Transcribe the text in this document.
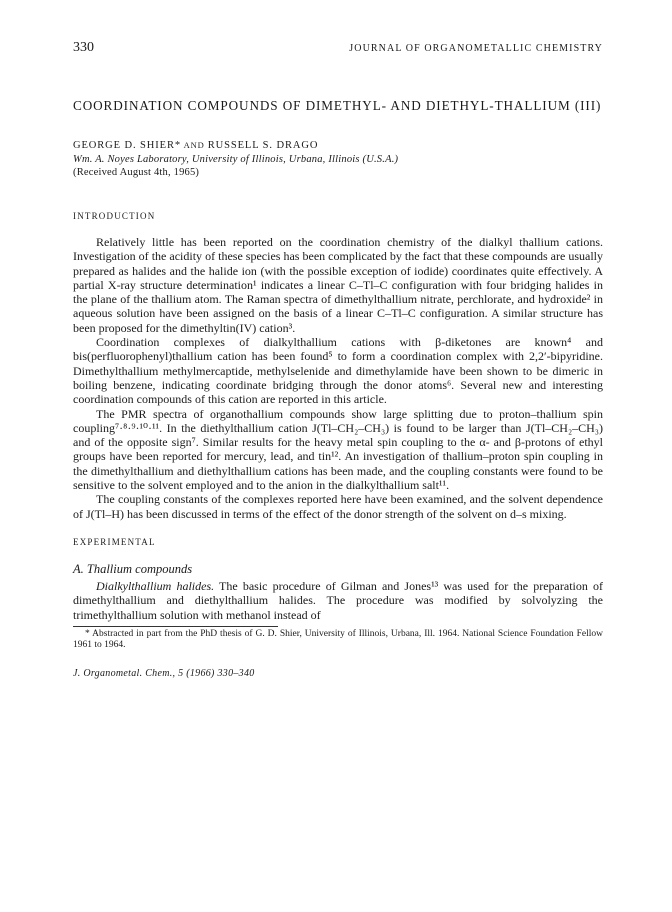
330	JOURNAL OF ORGANOMETALLIC CHEMISTRY
COORDINATION COMPOUNDS OF DIMETHYL- AND DIETHYL-THALLIUM (III)
GEORGE D. SHIER* AND RUSSELL S. DRAGO
Wm. A. Noyes Laboratory, University of Illinois, Urbana, Illinois (U.S.A.)
(Received August 4th, 1965)
INTRODUCTION

Relatively little has been reported on the coordination chemistry of the dialkyl thallium cations. Investigation of the acidity of these species has been complicated by the fact that these compounds are usually prepared as halides and the halide ion (with the possible exception of iodide) coordinates quite effectively. A partial X-ray structure determination¹ indicates a linear C–Tl–C configuration with four bridging halides in the plane of the thallium atom. The Raman spectra of dimethylthallium nitrate, perchlorate, and hydroxide² in aqueous solution have been assigned on the basis of a linear C–Tl–C configuration. A similar structure has been proposed for the dimethyltin(IV) cation³.

Coordination complexes of dialkylthallium cations with β-diketones are known⁴ and bis(perfluorophenyl)thallium cation has been found⁵ to form a coordination complex with 2,2′-bipyridine. Dimethylthallium methylmercaptide, methylselenide and dimethylamide have been shown to be dimeric in boiling benzene, indicating coordinate bridging through the donor atoms⁶. Several new and interesting coordination compounds of this cation are reported in this article.

The PMR spectra of organothallium compounds show large splitting due to proton–thallium spin coupling⁷·⁸·⁹·¹⁰·¹¹. In the diethylthallium cation J(Tl–CH₂–CH₃) is found to be larger than J(Tl–CH₂–CH₃) and of the opposite sign⁷. Similar results for the heavy metal spin coupling to the α- and β-protons of ethyl groups have been reported for mercury, lead, and tin¹². An investigation of thallium–proton spin coupling in the dimethylthallium and diethylthallium cations has been made, and the coupling constants were found to be sensitive to the solvent employed and to the anion in the dialkylthallium salt¹¹.

The coupling constants of the complexes reported here have been examined, and the solvent dependence of J(Tl–H) has been discussed in terms of the effect of the donor strength of the solvent on d–s mixing.

EXPERIMENTAL
A. Thallium compounds

Dialkylthallium halides. The basic procedure of Gilman and Jones¹³ was used for the preparation of dimethylthallium and diethylthallium halides. The procedure was modified by solvolyzing the trimethylthallium solution with methanol instead of

* Abstracted in part from the PhD thesis of G. D. Shier, University of Illinois, Urbana, Ill. 1964. National Science Foundation Fellow 1961 to 1964.
J. Organometal. Chem., 5 (1966) 330–340
